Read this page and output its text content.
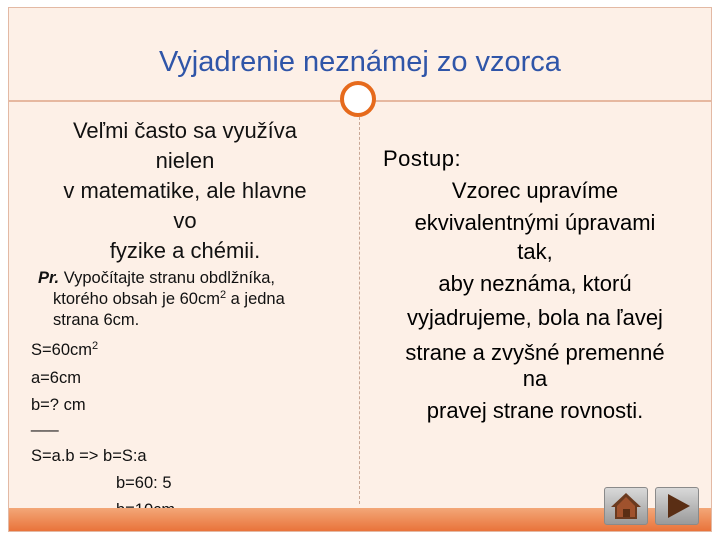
Vyjadrenie neznámej zo vzorca
Veľmi často sa využíva
nielen
v matematike, ale hlavne
vo
fyzike a chémii.
Pr. Vypočítajte stranu obdlžníka,
ktorého obsah je $60cm^2$ a jedna
strana 6cm.
$S=60cm^2$
a=6cm
b=? cm
___
S=a.b => b=S:a
b=60: 5
Postup:
Vzorec upravíme
ekvivalentnými úpravami
tak,
aby neznáma, ktorú
vyjadrujeme, bola na ľavej
strane a zvyšné premenné
na
pravej strane rovnosti.
